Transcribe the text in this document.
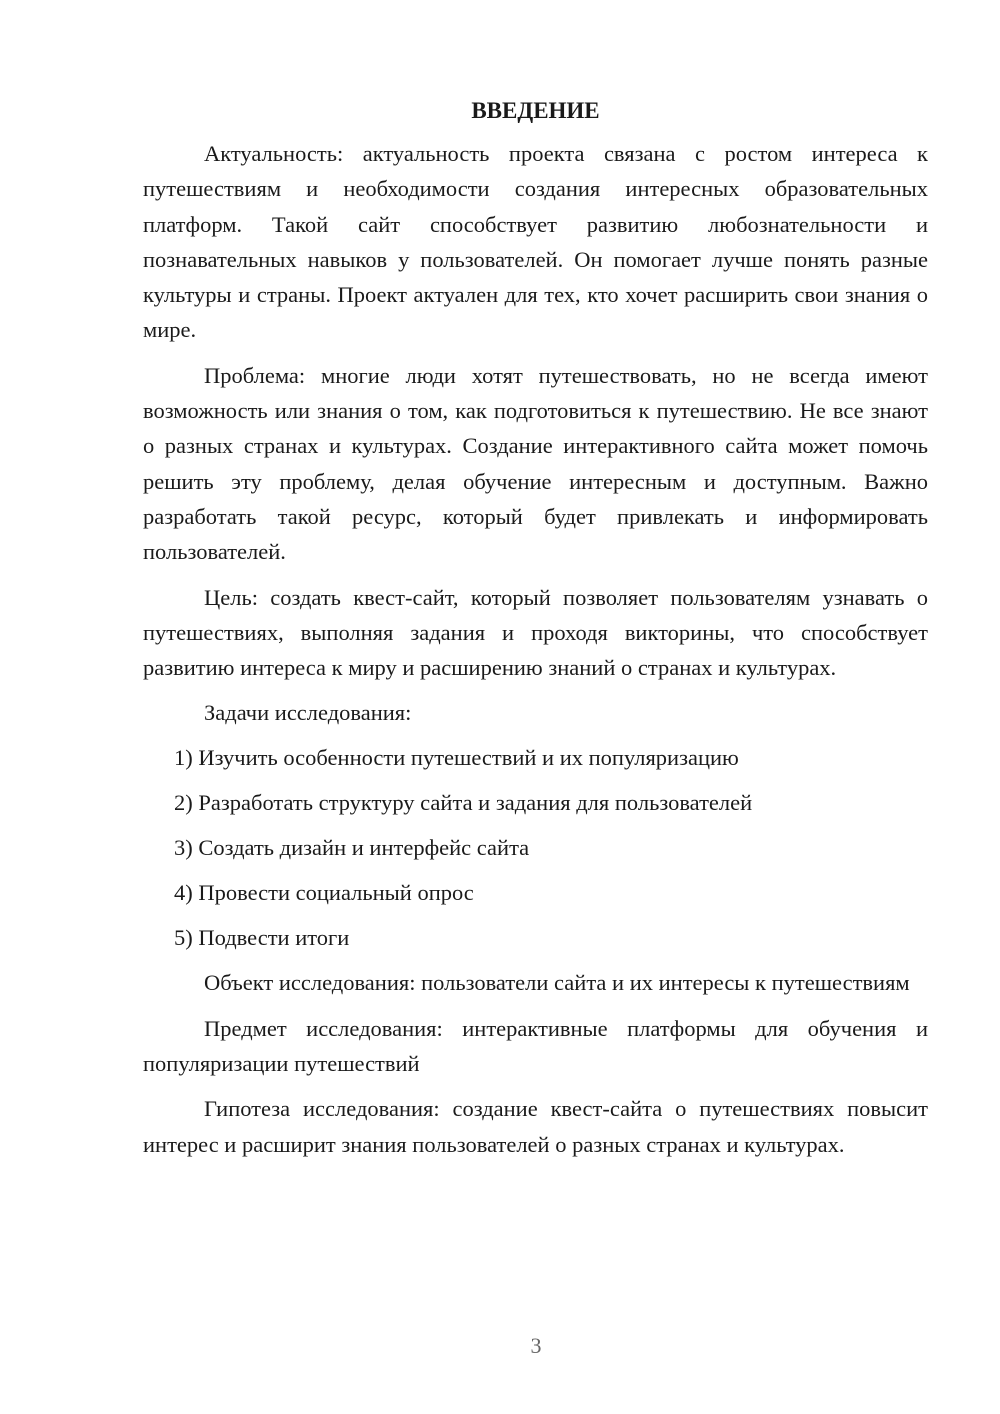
ВВЕДЕНИЕ

Актуальность: актуальность проекта связана с ростом интереса к путешествиям и необходимости создания интересных образовательных платформ. Такой сайт способствует развитию любознательности и познавательных навыков у пользователей. Он помогает лучше понять разные культуры и страны. Проект актуален для тех, кто хочет расширить свои знания о мире.

Проблема: многие люди хотят путешествовать, но не всегда имеют возможность или знания о том, как подготовиться к путешествию. Не все знают о разных странах и культурах. Создание интерактивного сайта может помочь решить эту проблему, делая обучение интересным и доступным. Важно разработать такой ресурс, который будет привлекать и информировать пользователей.

Цель: создать квест-сайт, который позволяет пользователям узнавать о путешествиях, выполняя задания и проходя викторины, что способствует развитию интереса к миру и расширению знаний о странах и культурах.

Задачи исследования:

1) Изучить особенности путешествий и их популяризацию
2) Разработать структуру сайта и задания для пользователей
3) Создать дизайн и интерфейс сайта
4) Провести социальный опрос
5) Подвести итоги

Объект исследования: пользователи сайта и их интересы к путешествиям

Предмет исследования: интерактивные платформы для обучения и популяризации путешествий

Гипотеза исследования: создание квест-сайта о путешествиях повысит интерес и расширит знания пользователей о разных странах и культурах.

3
